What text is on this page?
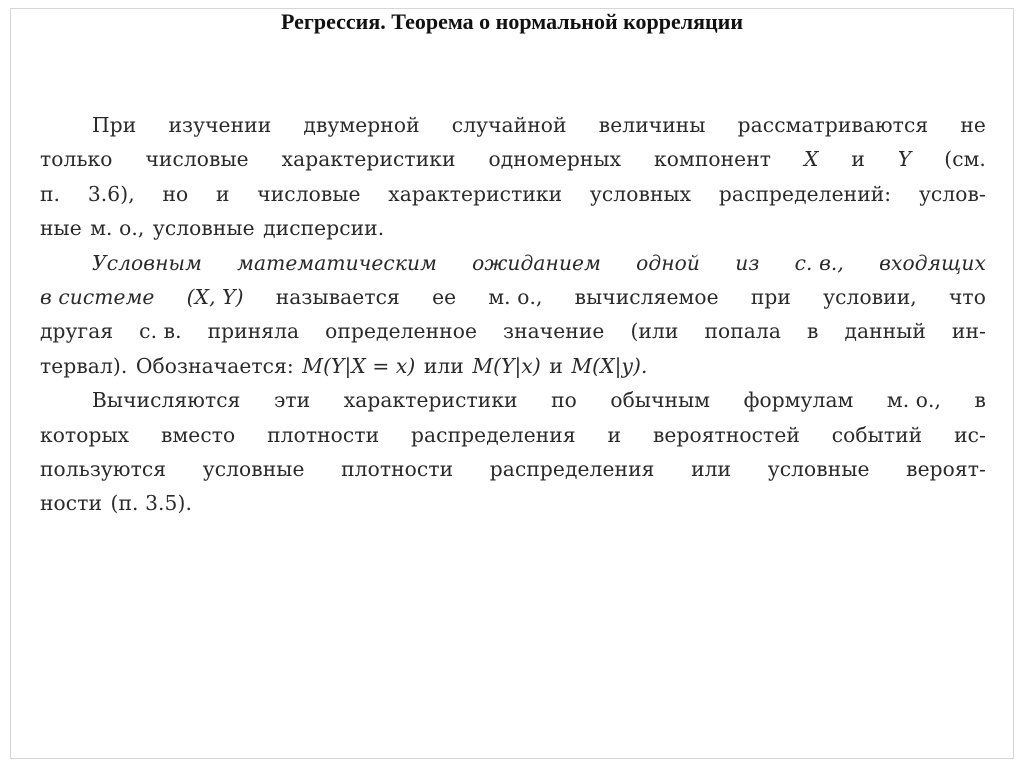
Регрессия. Теорема о нормальной корреляции
При изучении двумерной случайной величины рассматриваются не
только числовые характеристики одномерных компонент X и Y (см.
п. 3.6), но и числовые характеристики условных распределений: услов-
ные м. о., условные дисперсии.
Условным математическим ожиданием одной из с. в., входящих
в системе (X, Y) называется ее м. о., вычисляемое при условии, что
другая с. в. приняла определенное значение (или попала в данный ин-
тервал). Обозначается: M(Y|X = x) или M(Y|x) и M(X|y).
Вычисляются эти характеристики по обычным формулам м. о., в
которых вместо плотности распределения и вероятностей событий ис-
пользуются условные плотности распределения или условные вероят-
ности (п. 3.5).
